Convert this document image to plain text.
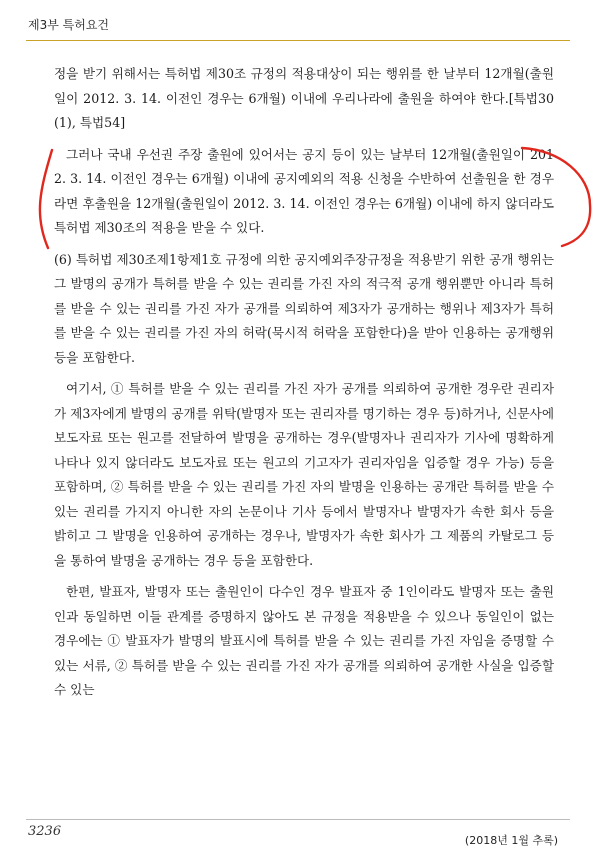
제3부 특허요건

정을 받기 위해서는 특허법 제30조 규정의 적용대상이 되는 행위를 한 날부터 12개월(출원일이 2012. 3. 14. 이전인 경우는 6개월) 이내에 우리나라에 출원을 하여야 한다.[특법30(1), 특법54]

그러나 국내 우선권 주장 출원에 있어서는 공지 등이 있는 날부터 12개월(출원일이 2012. 3. 14. 이전인 경우는 6개월) 이내에 공지예외의 적용 신청을 수반하여 선출원을 한 경우라면 후출원을 12개월(출원일이 2012. 3. 14. 이전인 경우는 6개월) 이내에 하지 않더라도 특허법 제30조의 적용을 받을 수 있다.

(6) 특허법 제30조제1항제1호 규정에 의한 공지예외주장규정을 적용받기 위한 공개 행위는 그 발명의 공개가 특허를 받을 수 있는 권리를 가진 자의 적극적 공개 행위뿐만 아니라 특허를 받을 수 있는 권리를 가진 자가 공개를 의뢰하여 제3자가 공개하는 행위나 제3자가 특허를 받을 수 있는 권리를 가진 자의 허락(묵시적 허락을 포함한다)을 받아 인용하는 공개행위 등을 포함한다.

여기서, ① 특허를 받을 수 있는 권리를 가진 자가 공개를 의뢰하여 공개한 경우란 권리자가 제3자에게 발명의 공개를 위탁(발명자 또는 권리자를 명기하는 경우 등)하거나, 신문사에 보도자료 또는 원고를 전달하여 발명을 공개하는 경우(발명자나 권리자가 기사에 명확하게 나타나 있지 않더라도 보도자료 또는 원고의 기고자가 권리자임을 입증할 경우 가능) 등을 포함하며, ② 특허를 받을 수 있는 권리를 가진 자의 발명을 인용하는 공개란 특허를 받을 수 있는 권리를 가지지 아니한 자의 논문이나 기사 등에서 발명자나 발명자가 속한 회사 등을 밝히고 그 발명을 인용하여 공개하는 경우나, 발명자가 속한 회사가 그 제품의 카탈로그 등을 통하여 발명을 공개하는 경우 등을 포함한다.

한편, 발표자, 발명자 또는 출원인이 다수인 경우 발표자 중 1인이라도 발명자 또는 출원인과 동일하면 이들 관계를 증명하지 않아도 본 규정을 적용받을 수 있으나 동일인이 없는 경우에는 ① 발표자가 발명의 발표시에 특허를 받을 수 있는 권리를 가진 자임을 증명할 수 있는 서류, ② 특허를 받을 수 있는 권리를 가진 자가 공개를 의뢰하여 공개한 사실을 입증할 수 있는

3236
(2018년 1월 추록)
